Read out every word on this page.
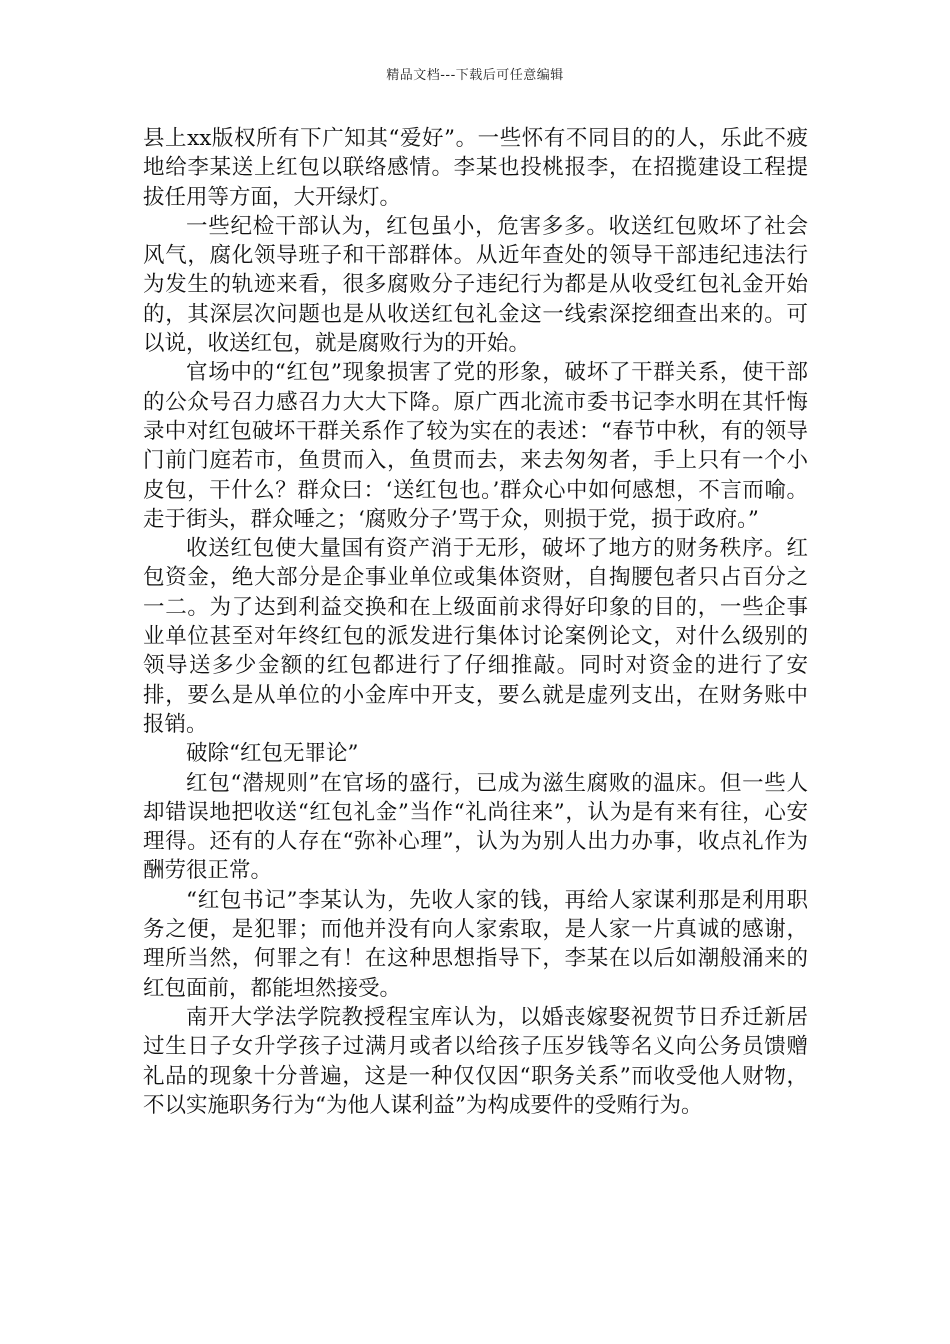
精品文档---下载后可任意编辑

县上xx版权所有下广知其“爱好”。一些怀有不同目的的人，乐此不疲地给李某送上红包以联络感情。李某也投桃报李，在招揽建设工程提拔任用等方面，大开绿灯。

一些纪检干部认为，红包虽小，危害多多。收送红包败坏了社会风气，腐化领导班子和干部群体。从近年查处的领导干部违纪违法行为发生的轨迹来看，很多腐败分子违纪行为都是从收受红包礼金开始的，其深层次问题也是从收送红包礼金这一线索深挖细查出来的。可以说，收送红包，就是腐败行为的开始。

官场中的“红包”现象损害了党的形象，破坏了干群关系，使干部的公众号召力感召力大大下降。原广西北流市委书记李水明在其忏悔录中对红包破坏干群关系作了较为实在的表述：“春节中秋，有的领导门前门庭若市，鱼贯而入，鱼贯而去，来去匆匆者，手上只有一个小皮包，干什么？群众曰：‘送红包也。’群众心中如何感想，不言而喻。走于街头，群众唾之；‘腐败分子’骂于众，则损于党，损于政府。”

收送红包使大量国有资产消于无形，破坏了地方的财务秩序。红包资金，绝大部分是企事业单位或集体资财，自掏腰包者只占百分之一二。为了达到利益交换和在上级面前求得好印象的目的，一些企事业单位甚至对年终红包的派发进行集体讨论案例论文，对什么级别的领导送多少金额的红包都进行了仔细推敲。同时对资金的进行了安排，要么是从单位的小金库中开支，要么就是虚列支出，在财务账中报销。

破除“红包无罪论”

红包“潜规则”在官场的盛行，已成为滋生腐败的温床。但一些人却错误地把收送“红包礼金”当作“礼尚往来”，认为是有来有往，心安理得。还有的人存在“弥补心理”，认为为别人出力办事，收点礼作为酬劳很正常。

“红包书记”李某认为，先收人家的钱，再给人家谋利那是利用职务之便，是犯罪；而他并没有向人家索取，是人家一片真诚的感谢，理所当然，何罪之有！在这种思想指导下，李某在以后如潮般涌来的红包面前，都能坦然接受。

南开大学法学院教授程宝库认为，以婚丧嫁娶祝贺节日乔迁新居过生日子女升学孩子过满月或者以给孩子压岁钱等名义向公务员馈赠礼品的现象十分普遍，这是一种仅仅因“职务关系”而收受他人财物，不以实施职务行为“为他人谋利益”为构成要件的受贿行为。
